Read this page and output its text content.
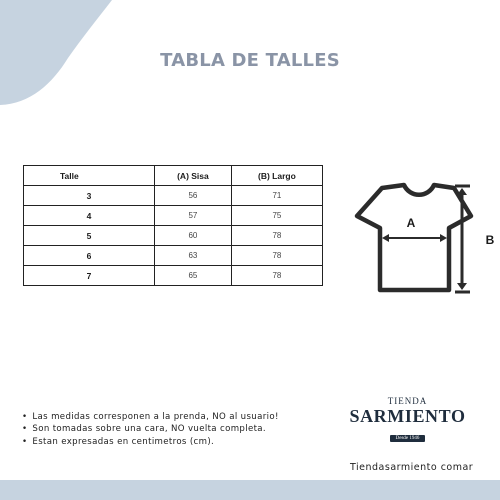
TABLA DE TALLES
Talle	(A) Sisa	(B) Largo
3	56	71
4	57	75
5	60	78
6	63	78
7	65	78
A
B
• Las medidas corresponen a la prenda, NO al usuario!
• Son tomadas sobre una cara, NO vuelta completa.
• Estan expresadas en centimetros (cm).
TIENDA
SARMIENTO
Desde 1946
Tiendasarmiento comar
